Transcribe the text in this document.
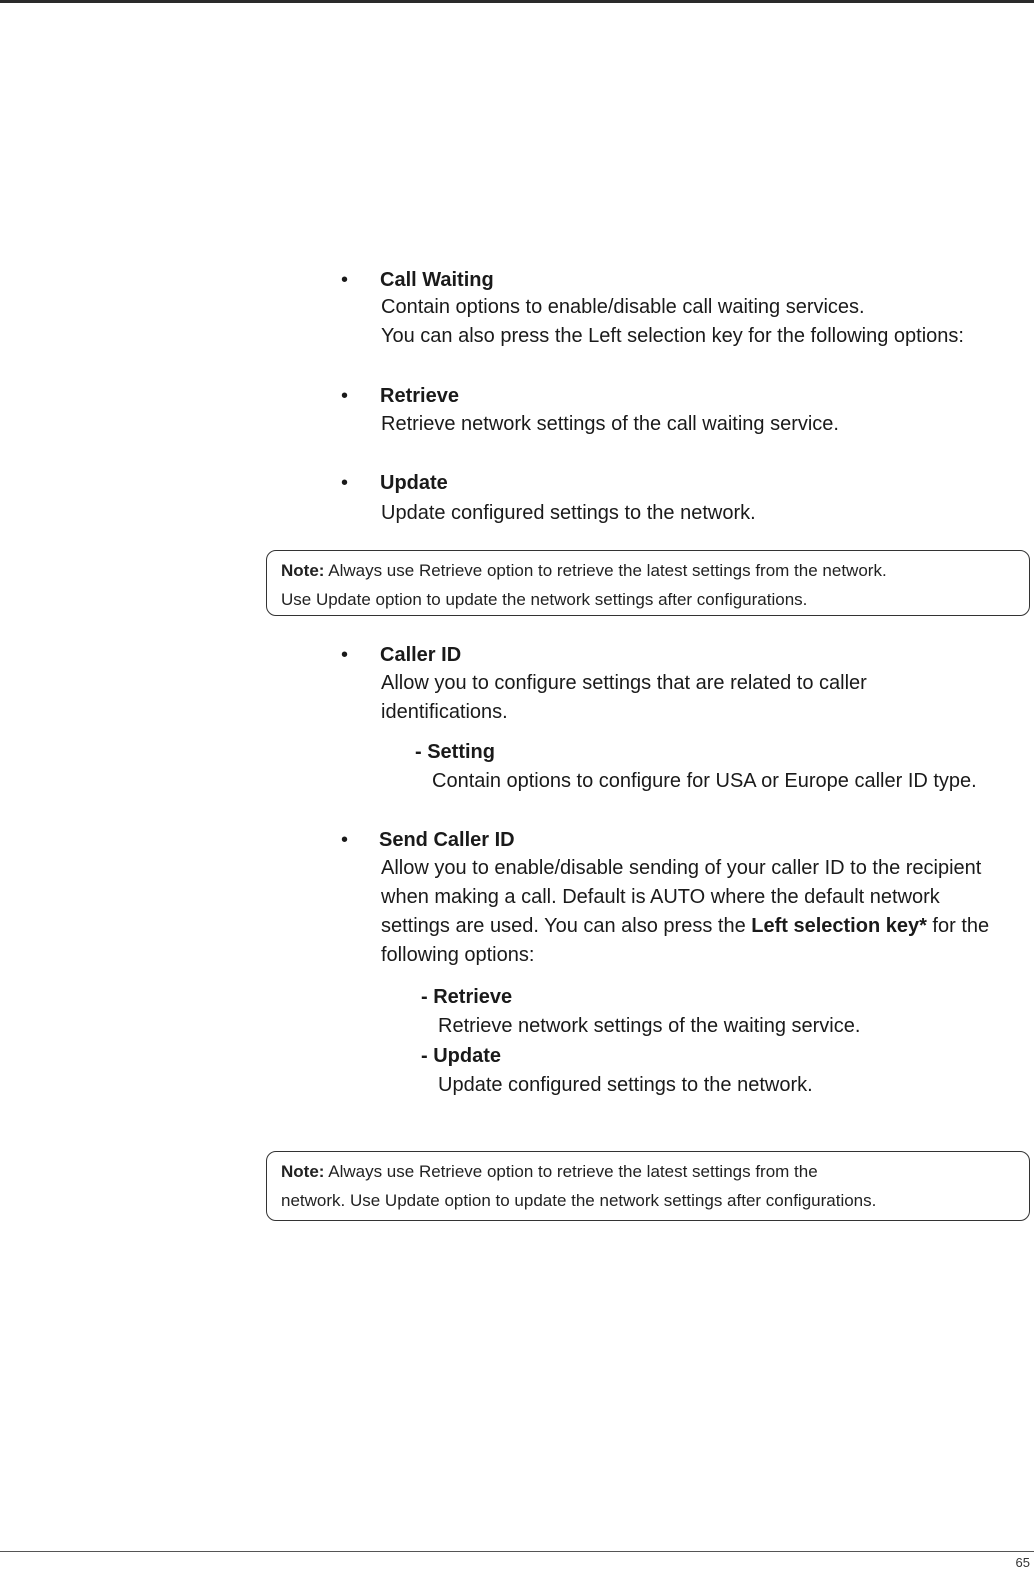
• Call Waiting
Contain options to enable/disable call waiting services.
You can also press the Left selection key for the following options:
• Retrieve
Retrieve network settings of the call waiting service.
• Update
Update configured settings to the network.
Note: Always use Retrieve option to retrieve the latest settings from the network.
Use Update option to update the network settings after configurations.
• Caller ID
Allow you to configure settings that are related to caller
identifications.
- Setting
Contain options to configure for USA or Europe caller ID type.
• Send Caller ID
Allow you to enable/disable sending of your caller ID to the recipient
when making a call. Default is AUTO where the default network
settings are used. You can also press the Left selection key* for the
following options:
- Retrieve
Retrieve network settings of the waiting service.
- Update
Update configured settings to the network.
Note: Always use Retrieve option to retrieve the latest settings from the
network. Use Update option to update the network settings after configurations.
65
